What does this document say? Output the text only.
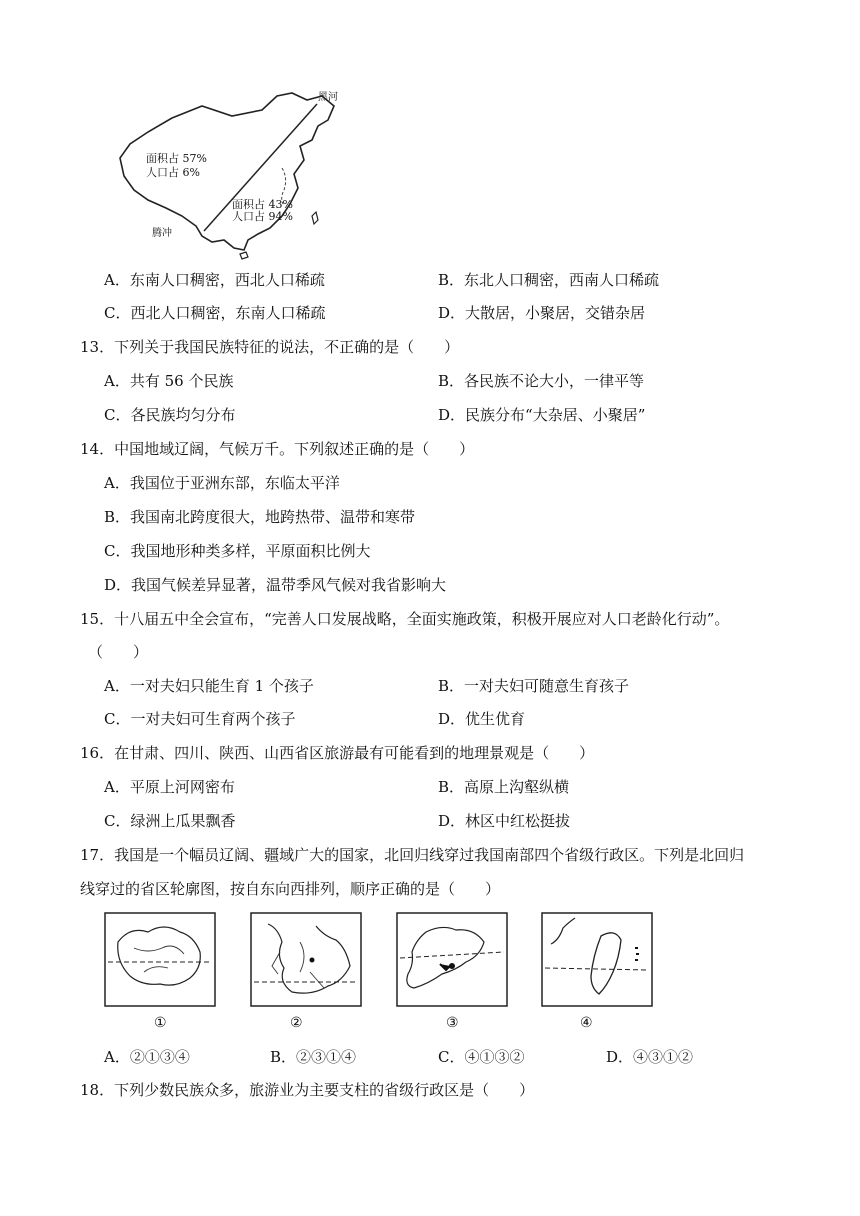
黑河
腾冲
面积占 57%
人口占 6%
面积占 43%
人口占 94%
A．东南人口稠密，西北人口稀疏	B．东北人口稠密，西南人口稀疏
C．西北人口稠密，东南人口稀疏	D．大散居，小聚居，交错杂居
13．下列关于我国民族特征的说法，不正确的是（　　）
A．共有 56 个民族	B．各民族不论大小，一律平等
C．各民族均匀分布	D．民族分布“大杂居、小聚居”
14．中国地域辽阔，气候万千。下列叙述正确的是（　　）
A．我国位于亚洲东部，东临太平洋
B．我国南北跨度很大，地跨热带、温带和寒带
C．我国地形种类多样，平原面积比例大
D．我国气候差异显著，温带季风气候对我省影响大
15．十八届五中全会宣布，“完善人口发展战略，全面实施政策，积极开展应对人口老龄化行动”。
（　　）
A．一对夫妇只能生育 1 个孩子	B．一对夫妇可随意生育孩子
C．一对夫妇可生育两个孩子	D．优生优育
16．在甘肃、四川、陕西、山西省区旅游最有可能看到的地理景观是（　　）
A．平原上河网密布	B．高原上沟壑纵横
C．绿洲上瓜果飘香	D．林区中红松挺拔
17．我国是一个幅员辽阔、疆域广大的国家，北回归线穿过我国南部四个省级行政区。下列是北回归
线穿过的省区轮廓图，按自东向西排列，顺序正确的是（　　）
①	②	③	④
A．②①③④	B．②③①④	C．④①③②	D．④③①②
18．下列少数民族众多，旅游业为主要支柱的省级行政区是（　　）
